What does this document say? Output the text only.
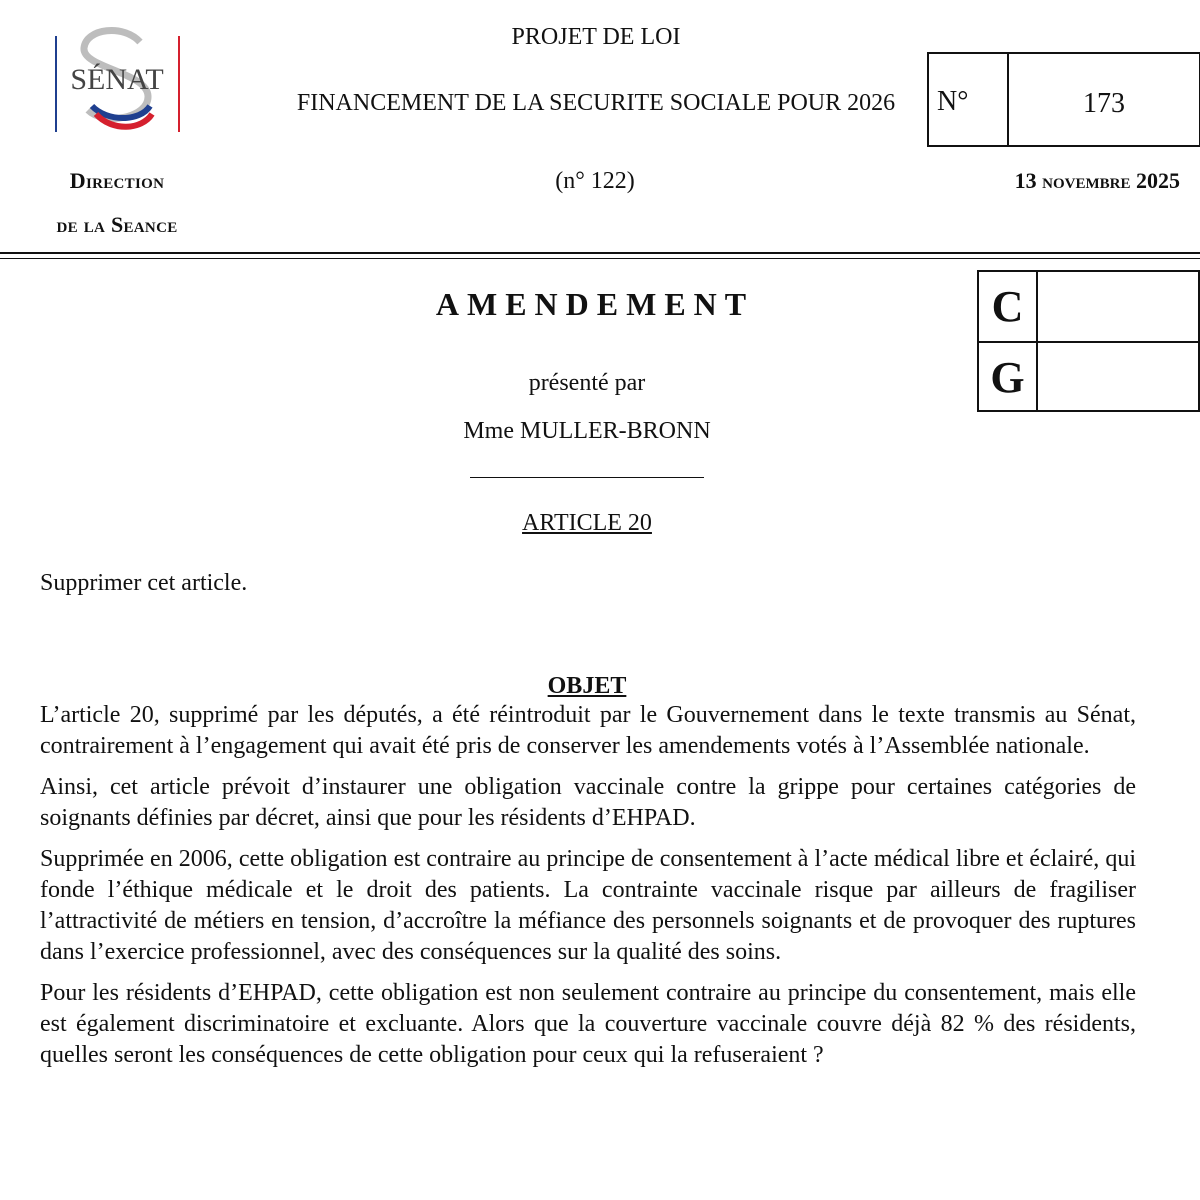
SÉNAT
Direction
de la Seance
PROJET DE LOI
FINANCEMENT DE LA SECURITE SOCIALE POUR 2026
(n° 122)
N°	173
13 novembre 2025
AMENDEMENT	C
G
présenté par
Mme MULLER-BRONN
ARTICLE 20
Supprimer cet article.
OBJET

L’article 20, supprimé par les députés, a été réintroduit par le Gouvernement dans le texte transmis au Sénat, contrairement à l’engagement qui avait été pris de conserver les amendements votés à l’Assemblée nationale.

Ainsi, cet article prévoit d’instaurer une obligation vaccinale contre la grippe pour certaines catégories de soignants définies par décret, ainsi que pour les résidents d’EHPAD.

Supprimée en 2006, cette obligation est contraire au principe de consentement à l’acte médical libre et éclairé, qui fonde l’éthique médicale et le droit des patients. La contrainte vaccinale risque par ailleurs de fragiliser l’attractivité de métiers en tension, d’accroître la méfiance des personnels soignants et de provoquer des ruptures dans l’exercice professionnel, avec des conséquences sur la qualité des soins.

Pour les résidents d’EHPAD, cette obligation est non seulement contraire au principe du consentement, mais elle est également discriminatoire et excluante. Alors que la couverture vaccinale couvre déjà 82 % des résidents, quelles seront les conséquences de cette obligation pour ceux qui la refuseraient ?
